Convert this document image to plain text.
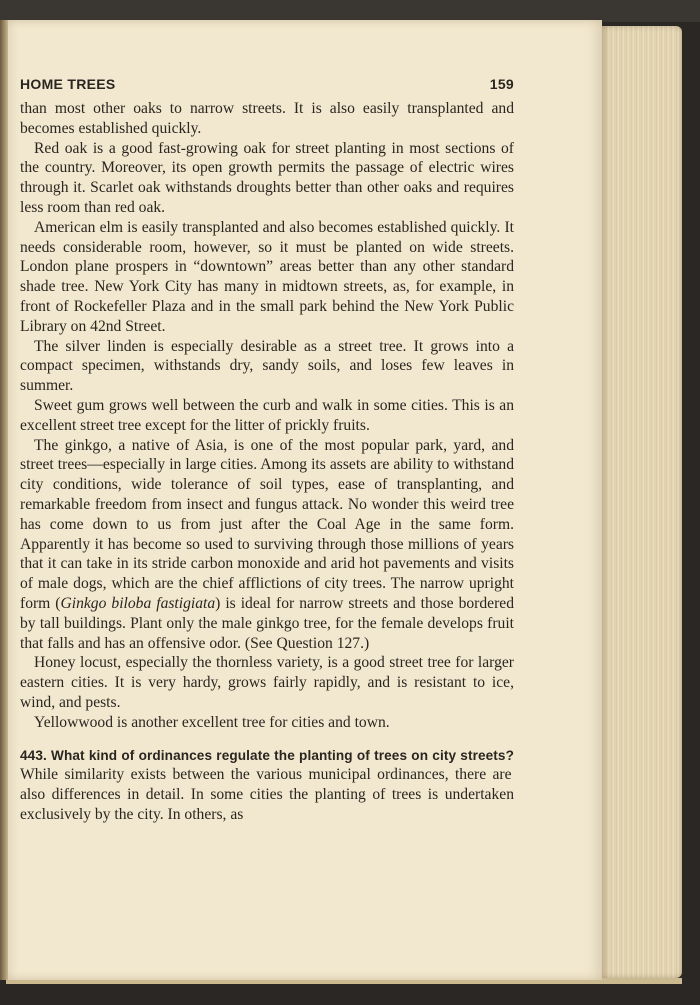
HOME TREES	159

than most other oaks to narrow streets. It is also easily transplanted and becomes established quickly.

Red oak is a good fast-growing oak for street planting in most sections of the country. Moreover, its open growth permits the passage of electric wires through it. Scarlet oak withstands droughts better than other oaks and requires less room than red oak.

American elm is easily transplanted and also becomes established quickly. It needs considerable room, however, so it must be planted on wide streets. London plane prospers in “downtown” areas better than any other standard shade tree. New York City has many in midtown streets, as, for example, in front of Rockefeller Plaza and in the small park behind the New York Public Library on 42nd Street.

The silver linden is especially desirable as a street tree. It grows into a compact specimen, withstands dry, sandy soils, and loses few leaves in summer.

Sweet gum grows well between the curb and walk in some cities. This is an excellent street tree except for the litter of prickly fruits.

The ginkgo, a native of Asia, is one of the most popular park, yard, and street trees—especially in large cities. Among its assets are ability to withstand city conditions, wide tolerance of soil types, ease of transplanting, and remarkable freedom from insect and fungus attack. No wonder this weird tree has come down to us from just after the Coal Age in the same form. Apparently it has become so used to surviving through those millions of years that it can take in its stride carbon monoxide and arid hot pavements and visits of male dogs, which are the chief afflictions of city trees. The narrow upright form (Ginkgo biloba fastigiata) is ideal for narrow streets and those bordered by tall buildings. Plant only the male ginkgo tree, for the female develops fruit that falls and has an offensive odor. (See Question 127.)

Honey locust, especially the thornless variety, is a good street tree for larger eastern cities. It is very hardy, grows fairly rapidly, and is resistant to ice, wind, and pests.

Yellowwood is another excellent tree for cities and town.

443. What kind of ordinances regulate the planting of trees on city streets? While similarity exists between the various municipal ordinances, there are also differences in detail. In some cities the planting of trees is undertaken exclusively by the city. In others, as
